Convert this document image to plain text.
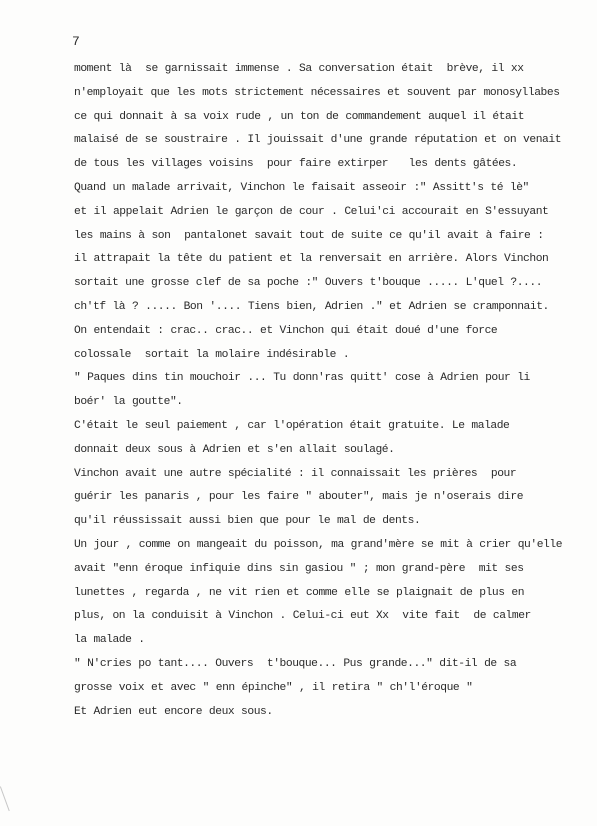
7
moment là  se garnissait immense . Sa conversation était  brève, il xx
n'employait que les mots strictement nécessaires et souvent par monosyllabes
ce qui donnait à sa voix rude , un ton de commandement auquel il était
malaisé de se soustraire . Il jouissait d'une grande réputation et on venait
de tous les villages voisins  pour faire extirper   les dents gâtées.
Quand un malade arrivait, Vinchon le faisait asseoir :" Assitt's té lè"
et il appelait Adrien le garçon de cour . Celui'ci accourait en S'essuyant
les mains à son  pantalonet savait tout de suite ce qu'il avait à faire :
il attrapait la tête du patient et la renversait en arrière. Alors Vinchon
sortait une grosse clef de sa poche :" Ouvers t'bouque ..... L'quel ?....
ch'tf là ? ..... Bon '.... Tiens bien, Adrien ." et Adrien se cramponnait.
On entendait : crac.. crac.. et Vinchon qui était doué d'une force
colossale  sortait la molaire indésirable .
" Paques dins tin mouchoir ... Tu donn'ras quitt' cose à Adrien pour li
boér' la goutte".
C'était le seul paiement , car l'opération était gratuite. Le malade
donnait deux sous à Adrien et s'en allait soulagé.
Vinchon avait une autre spécialité : il connaissait les prières  pour
guérir les panaris , pour les faire " abouter", mais je n'oserais dire
qu'il réussissait aussi bien que pour le mal de dents.
Un jour , comme on mangeait du poisson, ma grand'mère se mit à crier qu'elle
avait "enn éroque infiquie dins sin gasiou " ; mon grand-père  mit ses
lunettes , regarda , ne vit rien et comme elle se plaignait de plus en
plus, on la conduisit à Vinchon . Celui-ci eut Xx  vite fait  de calmer
la malade .
" N'cries po tant.... Ouvers  t'bouque... Pus grande..." dit-il de sa
grosse voix et avec " enn épinche" , il retira " ch'l'éroque "
Et Adrien eut encore deux sous.
